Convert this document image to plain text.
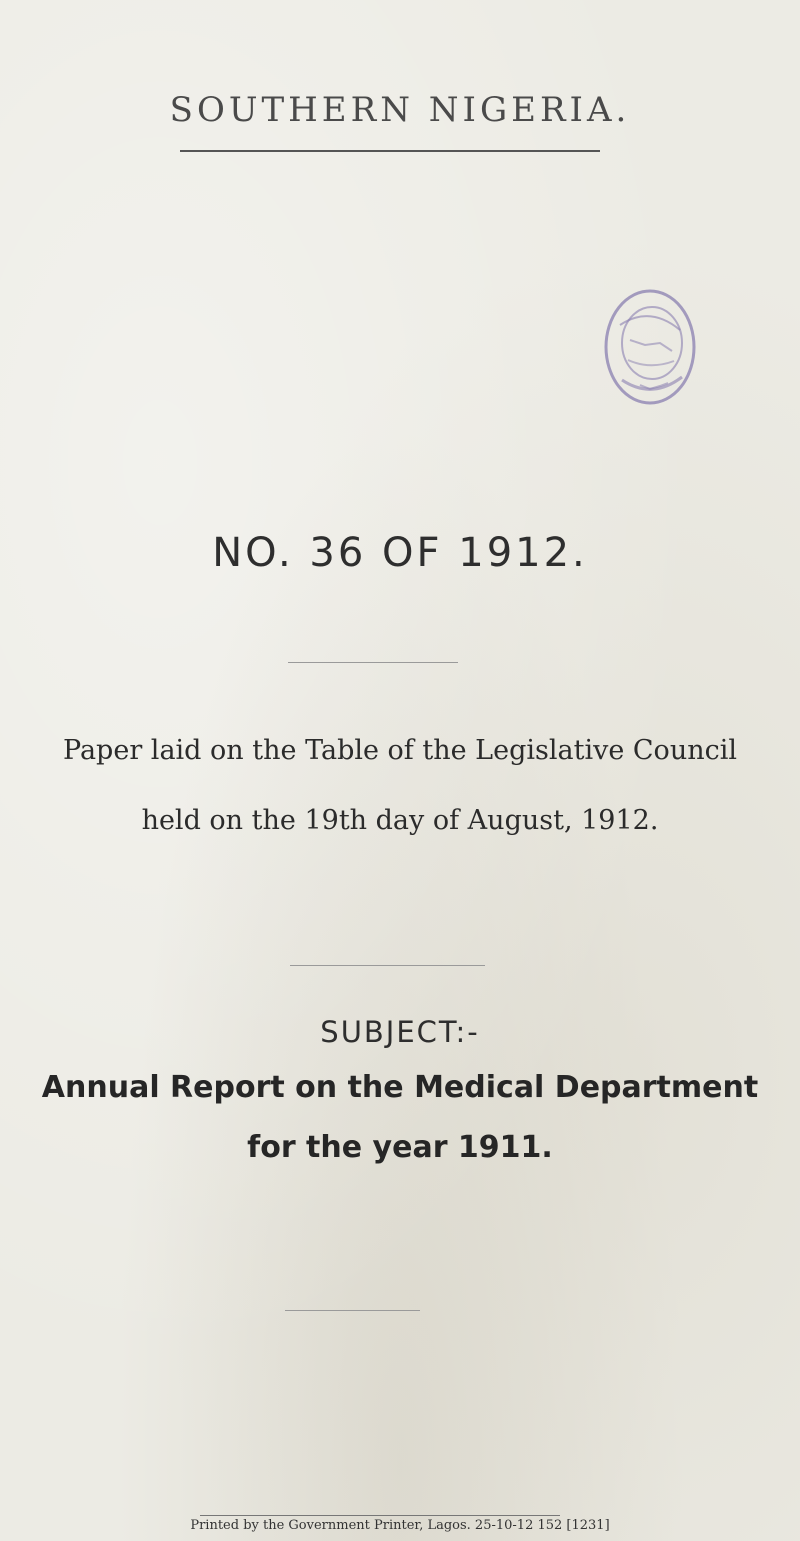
SOUTHERN NIGERIA.
NO. 36 OF 1912.
Paper laid on the Table of the Legislative Council
held on the 19th day of August, 1912.
SUBJECT:-
Annual Report on the Medical Department
for the year 1911.
Printed by the Government Printer, Lagos. 25-10-12 152 [1231]
